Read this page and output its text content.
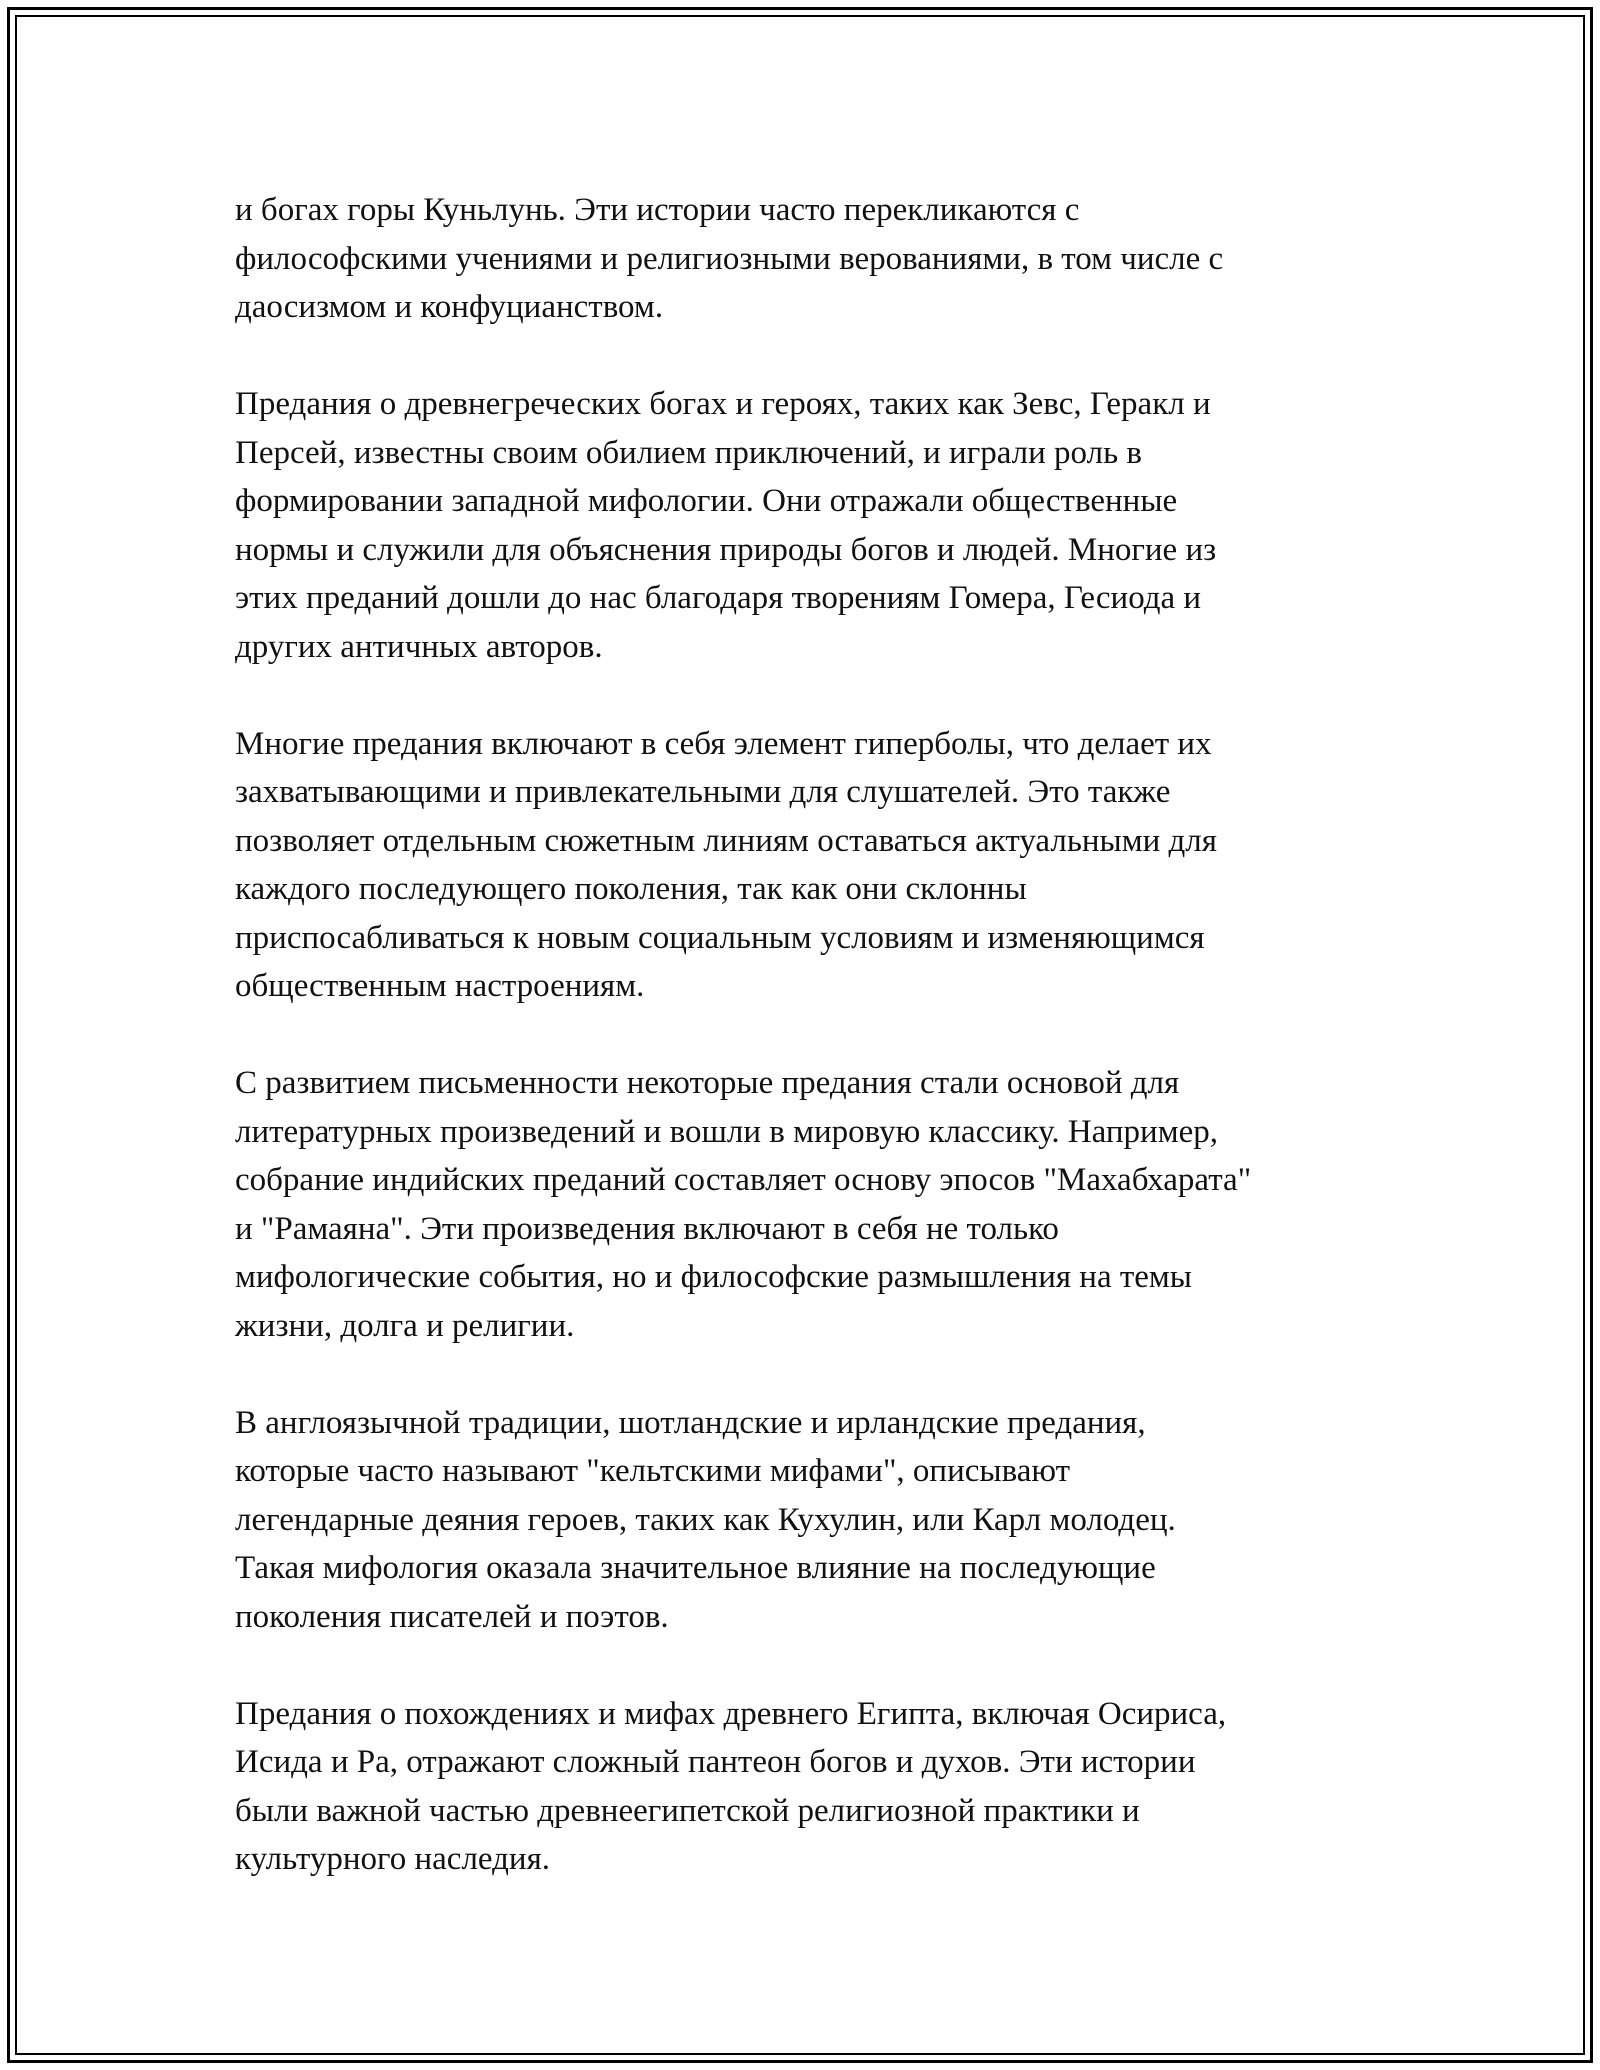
и богах горы Куньлунь. Эти истории часто перекликаются с
философскими учениями и религиозными верованиями, в том числе с
даосизмом и конфуцианством.

Предания о древнегреческих богах и героях, таких как Зевс, Геракл и
Персей, известны своим обилием приключений, и играли роль в
формировании западной мифологии. Они отражали общественные
нормы и служили для объяснения природы богов и людей. Многие из
этих преданий дошли до нас благодаря творениям Гомера, Гесиода и
других античных авторов.

Многие предания включают в себя элемент гиперболы, что делает их
захватывающими и привлекательными для слушателей. Это также
позволяет отдельным сюжетным линиям оставаться актуальными для
каждого последующего поколения, так как они склонны
приспосабливаться к новым социальным условиям и изменяющимся
общественным настроениям.

С развитием письменности некоторые предания стали основой для
литературных произведений и вошли в мировую классику. Например,
собрание индийских преданий составляет основу эпосов "Махабхарата"
и "Рамаяна". Эти произведения включают в себя не только
мифологические события, но и философские размышления на темы
жизни, долга и религии.

В англоязычной традиции, шотландские и ирландские предания,
которые часто называют "кельтскими мифами", описывают
легендарные деяния героев, таких как Кухулин, или Карл молодец.
Такая мифология оказала значительное влияние на последующие
поколения писателей и поэтов.

Предания о похождениях и мифах древнего Египта, включая Осириса,
Исида и Ра, отражают сложный пантеон богов и духов. Эти истории
были важной частью древнеегипетской религиозной практики и
культурного наследия.
